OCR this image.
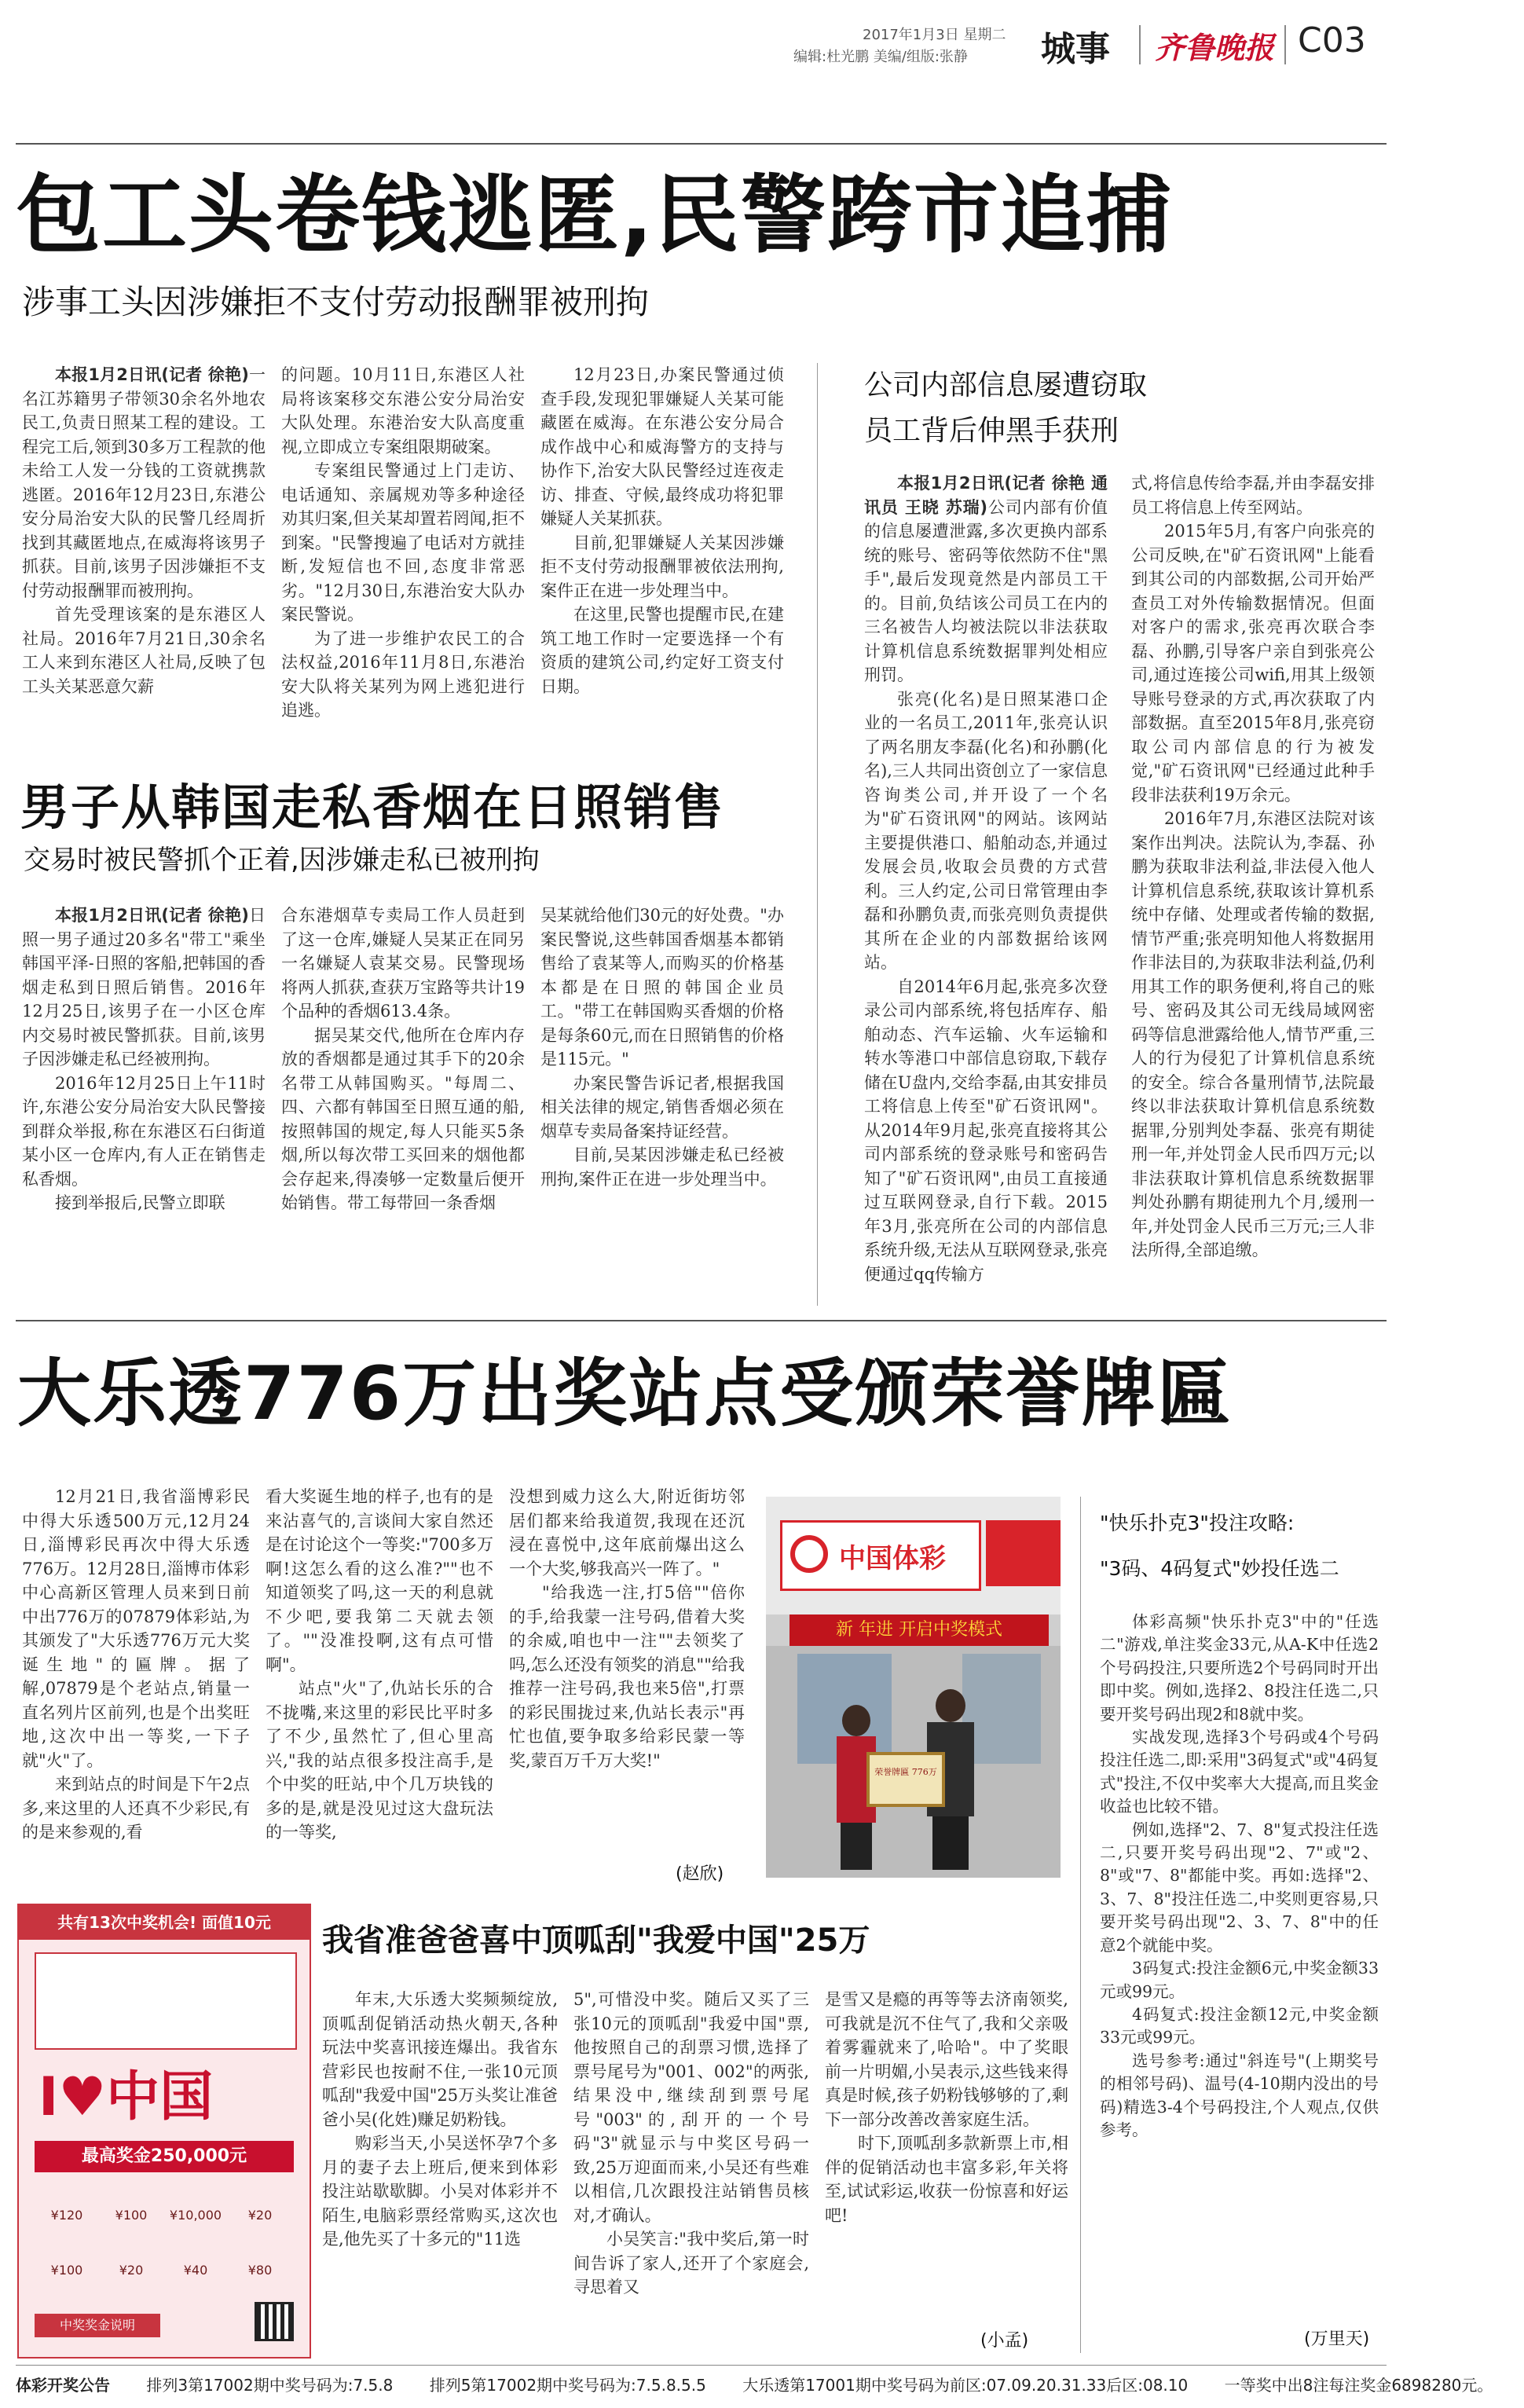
2017年1月3日 星期二
编辑:杜光鹏 美编/组版:张静 城事 齐鲁晚报 C03
包工头卷钱逃匿,民警跨市追捕
涉事工头因涉嫌拒不支付劳动报酬罪被刑拘

本报1月2日讯(记者 徐艳)一名江苏籍男子带领30余名外地农民工,负责日照某工程的建设。工程完工后,领到30多万工程款的他未给工人发一分钱的工资就携款逃匿。2016年12月23日,东港公安分局治安大队的民警几经周折找到其藏匿地点,在威海将该男子抓获。目前,该男子因涉嫌拒不支付劳动报酬罪而被刑拘。

首先受理该案的是东港区人社局。2016年7月21日,30余名工人来到东港区人社局,反映了包工头关某恶意欠薪

的问题。10月11日,东港区人社局将该案移交东港公安分局治安大队处理。东港治安大队高度重视,立即成立专案组限期破案。

专案组民警通过上门走访、电话通知、亲属规劝等多种途径劝其归案,但关某却置若罔闻,拒不到案。"民警搜遍了电话对方就挂断,发短信也不回,态度非常恶劣。"12月30日,东港治安大队办案民警说。

为了进一步维护农民工的合法权益,2016年11月8日,东港治安大队将关某列为网上逃犯进行追逃。

12月23日,办案民警通过侦查手段,发现犯罪嫌疑人关某可能藏匿在威海。在东港公安分局合成作战中心和威海警方的支持与协作下,治安大队民警经过连夜走访、排查、守候,最终成功将犯罪嫌疑人关某抓获。

目前,犯罪嫌疑人关某因涉嫌拒不支付劳动报酬罪被依法刑拘,案件正在进一步处理当中。

在这里,民警也提醒市民,在建筑工地工作时一定要选择一个有资质的建筑公司,约定好工资支付日期。

男子从韩国走私香烟在日照销售
交易时被民警抓个正着,因涉嫌走私已被刑拘

本报1月2日讯(记者 徐艳)日照一男子通过20多名"带工"乘坐韩国平泽-日照的客船,把韩国的香烟走私到日照后销售。2016年12月25日,该男子在一小区仓库内交易时被民警抓获。目前,该男子因涉嫌走私已经被刑拘。

2016年12月25日上午11时许,东港公安分局治安大队民警接到群众举报,称在东港区石臼街道某小区一仓库内,有人正在销售走私香烟。

接到举报后,民警立即联

合东港烟草专卖局工作人员赶到了这一仓库,嫌疑人吴某正在同另一名嫌疑人袁某交易。民警现场将两人抓获,查获万宝路等共计19个品种的香烟613.4条。

据吴某交代,他所在仓库内存放的香烟都是通过其手下的20余名带工从韩国购买。"每周二、四、六都有韩国至日照互通的船,按照韩国的规定,每人只能买5条烟,所以每次带工买回来的烟他都会存起来,得凑够一定数量后便开始销售。带工每带回一条香烟

吴某就给他们30元的好处费。"办案民警说,这些韩国香烟基本都销售给了袁某等人,而购买的价格基本都是在日照的韩国企业员工。"带工在韩国购买香烟的价格是每条60元,而在日照销售的价格是115元。"

办案民警告诉记者,根据我国相关法律的规定,销售香烟必须在烟草专卖局备案持证经营。

目前,吴某因涉嫌走私已经被刑拘,案件正在进一步处理当中。

公司内部信息屡遭窃取
员工背后伸黑手获刑

本报1月2日讯(记者 徐艳 通讯员 王晓 苏瑞)公司内部有价值的信息屡遭泄露,多次更换内部系统的账号、密码等依然防不住"黑手",最后发现竟然是内部员工干的。目前,负结该公司员工在内的三名被告人均被法院以非法获取计算机信息系统数据罪判处相应刑罚。

张亮(化名)是日照某港口企业的一名员工,2011年,张亮认识了两名朋友李磊(化名)和孙鹏(化名),三人共同出资创立了一家信息咨询类公司,并开设了一个名为"矿石资讯网"的网站。该网站主要提供港口、船舶动态,并通过发展会员,收取会员费的方式营利。三人约定,公司日常管理由李磊和孙鹏负责,而张亮则负责提供其所在企业的内部数据给该网站。

自2014年6月起,张亮多次登录公司内部系统,将包括库存、船舶动态、汽车运输、火车运输和转水等港口中部信息窃取,下载存储在U盘内,交给李磊,由其安排员工将信息上传至"矿石资讯网"。从2014年9月起,张亮直接将其公司内部系统的登录账号和密码告知了"矿石资讯网",由员工直接通过互联网登录,自行下载。2015年3月,张亮所在公司的内部信息系统升级,无法从互联网登录,张亮便通过qq传输方

式,将信息传给李磊,并由李磊安排员工将信息上传至网站。

2015年5月,有客户向张亮的公司反映,在"矿石资讯网"上能看到其公司的内部数据,公司开始严查员工对外传输数据情况。但面对客户的需求,张亮再次联合李磊、孙鹏,引导客户亲自到张亮公司,通过连接公司wifi,用其上级领导账号登录的方式,再次获取了内部数据。直至2015年8月,张亮窃取公司内部信息的行为被发觉,"矿石资讯网"已经通过此种手段非法获利19万余元。

2016年7月,东港区法院对该案作出判决。法院认为,李磊、孙鹏为获取非法利益,非法侵入他人计算机信息系统,获取该计算机系统中存储、处理或者传输的数据,情节严重;张亮明知他人将数据用作非法目的,为获取非法利益,仍利用其工作的职务便利,将自己的账号、密码及其公司无线局域网密码等信息泄露给他人,情节严重,三人的行为侵犯了计算机信息系统的安全。综合各量刑情节,法院最终以非法获取计算机信息系统数据罪,分别判处李磊、张亮有期徒刑一年,并处罚金人民币四万元;以非法获取计算机信息系统数据罪判处孙鹏有期徒刑九个月,缓刑一年,并处罚金人民币三万元;三人非法所得,全部追缴。

大乐透776万出奖站点受颁荣誉牌匾

12月21日,我省淄博彩民中得大乐透500万元,12月24日,淄博彩民再次中得大乐透776万。12月28日,淄博市体彩中心高新区管理人员来到日前中出776万的07879体彩站,为其颁发了"大乐透776万元大奖诞生地"的匾牌。据了解,07879是个老站点,销量一直名列片区前列,也是个出奖旺地,这次中出一等奖,一下子就"火"了。

来到站点的时间是下午2点多,来这里的人还真不少彩民,有的是来参观的,看

看大奖诞生地的样子,也有的是来沾喜气的,言谈间大家自然还是在讨论这个一等奖:"700多万啊!这怎么看的这么准?""也不知道领奖了吗,这一天的利息就不少吧,要我第二天就去领了。""没准投啊,这有点可惜啊"。

站点"火"了,仇站长乐的合不拢嘴,来这里的彩民比平时多了不少,虽然忙了,但心里高兴,"我的站点很多投注高手,是个中奖的旺站,中个几万块钱的多的是,就是没见过这大盘玩法的一等奖,

没想到威力这么大,附近街坊邻居们都来给我道贺,我现在还沉浸在喜悦中,这年底前爆出这么一个大奖,够我高兴一阵了。"

"给我选一注,打5倍""倍你的手,给我蒙一注号码,借着大奖的余威,咱也中一注""去领奖了吗,怎么还没有领奖的消息""给我推荐一注号码,我也来5倍",打票的彩民围拢过来,仇站长表示"再忙也值,要争取多给彩民蒙一等奖,蒙百万千万大奖!"

(赵欣)
中国体彩
新 年进 开启中奖模式
荣誉牌匾 776万
"快乐扑克3"投注攻略:
"3码、4码复式"妙投任选二

体彩高频"快乐扑克3"中的"任选二"游戏,单注奖金33元,从A-K中任选2个号码投注,只要所选2个号码同时开出即中奖。例如,选择2、8投注任选二,只要开奖号码出现2和8就中奖。

实战发现,选择3个号码或4个号码投注任选二,即:采用"3码复式"或"4码复式"投注,不仅中奖率大大提高,而且奖金收益也比较不错。

例如,选择"2、7、8"复式投注任选二,只要开奖号码出现"2、7"或"2、8"或"7、8"都能中奖。再如:选择"2、3、7、8"投注任选二,中奖则更容易,只要开奖号码出现"2、3、7、8"中的任意2个就能中奖。

3码复式:投注金额6元,中奖金额33元或99元。

4码复式:投注金额12元,中奖金额33元或99元。

选号参考:通过"斜连号"(上期奖号的相邻号码)、温号(4-10期内没出的号码)精选3-4个号码投注,个人观点,仅供参考。

(万里天)
共有13次中奖机会! 面值10元
I♥中国
最高奖金250,000元
¥120	¥100	¥10,000	¥20
¥100	¥20	¥40	¥80
中奖奖金说明
我省准爸爸喜中顶呱刮"我爱中国"25万

年末,大乐透大奖频频绽放,顶呱刮促销活动热火朝天,各种玩法中奖喜讯接连爆出。我省东营彩民也按耐不住,一张10元顶呱刮"我爱中国"25万头奖让准爸爸小吴(化姓)赚足奶粉钱。

购彩当天,小吴送怀孕7个多月的妻子去上班后,便来到体彩投注站歇歇脚。小吴对体彩并不陌生,电脑彩票经常购买,这次也是,他先买了十多元的"11选

5",可惜没中奖。随后又买了三张10元的顶呱刮"我爱中国"票,他按照自己的刮票习惯,选择了票号尾号为"001、002"的两张,结果没中,继续刮到票号尾号"003"的,刮开的一个号码"3"就显示与中奖区号码一致,25万迎面而来,小吴还有些难以相信,几次跟投注站销售员核对,才确认。

小吴笑言:"我中奖后,第一时间告诉了家人,还开了个家庭会,寻思着又

是雪又是瘾的再等等去济南领奖,可我就是沉不住气了,我和父亲吸着雾霾就来了,哈哈"。中了奖眼前一片明媚,小吴表示,这些钱来得真是时候,孩子奶粉钱够够的了,剩下一部分改善改善家庭生活。

时下,顶呱刮多款新票上市,相伴的促销活动也丰富多彩,年关将至,试试彩运,收获一份惊喜和好运吧!

(小孟)
体彩开奖公告 排列3第17002期中奖号码为:7.5.8 排列5第17002期中奖号码为:7.5.8.5.5 大乐透第17001期中奖号码为前区:07.09.20.31.33后区:08.10 一等奖中出8注每注奖金6898280元。
